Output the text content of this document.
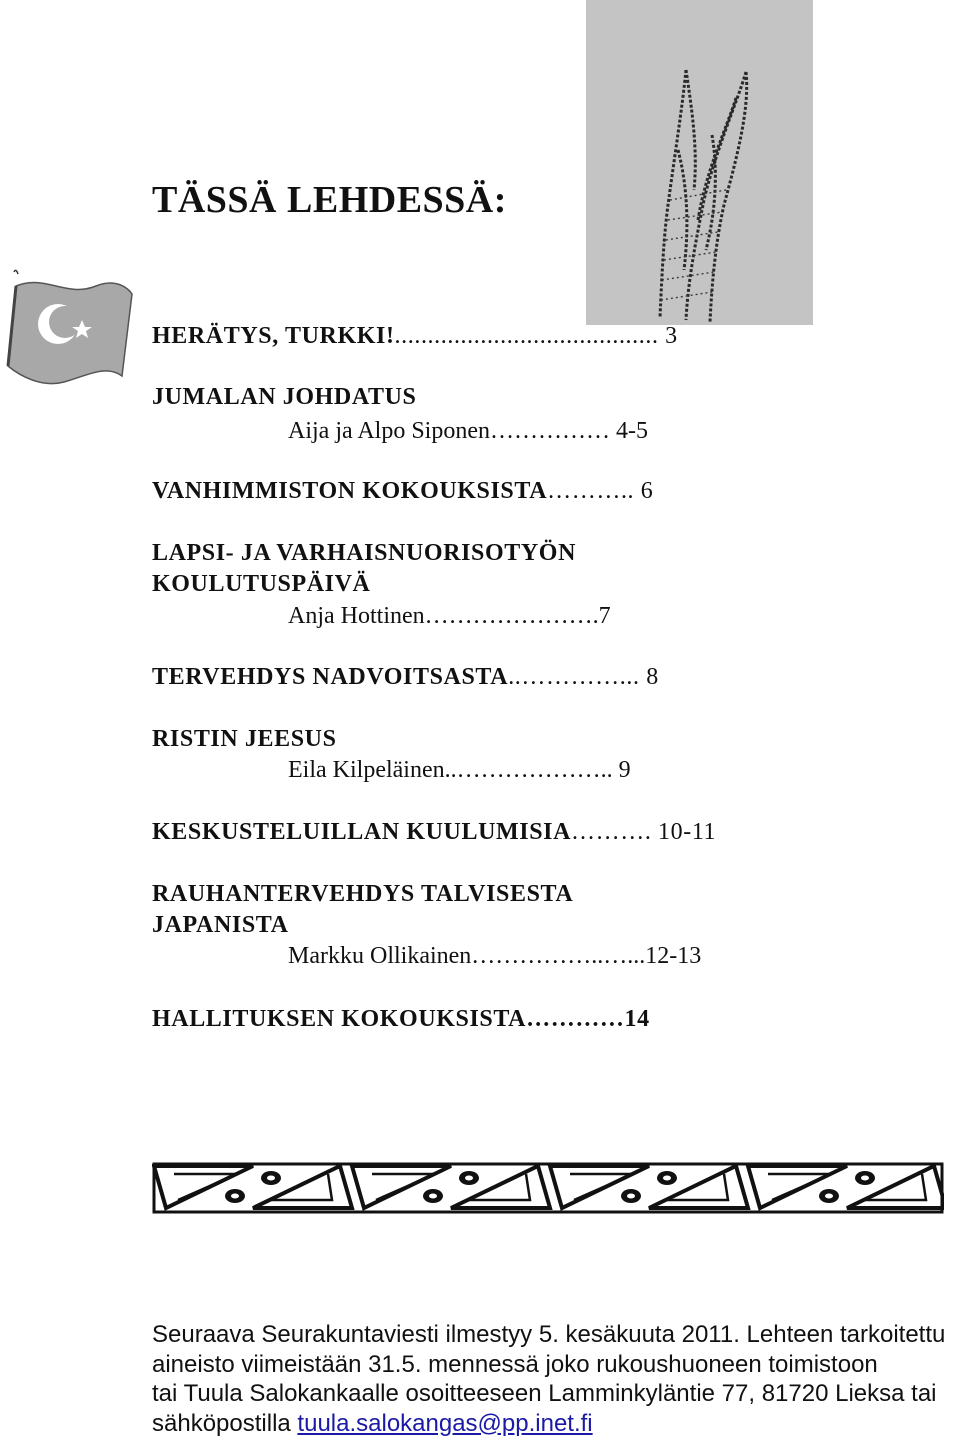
TÄSSÄ LEHDESSÄ:
HERÄTYS, TURKKI!........................................ 3
JUMALAN JOHDATUS
Aija ja Alpo Siponen…………… 4-5
VANHIMMISTON KOKOUKSISTA……….. 6
LAPSI- JA VARHAISNUORISOTYÖN
KOULUTUSPÄIVÄ
Anja Hottinen………………….7
TERVEHDYS NADVOITSASTA..…………... 8
RISTIN JEESUS
Eila Kilpeläinen..……………….. 9
KESKUSTELUILLAN KUULUMISIA………. 10-11
RAUHANTERVEHDYS TALVISESTA
JAPANISTA
Markku Ollikainen……………..…...12-13
HALLITUKSEN KOKOUKSISTA…………14
Seuraava Seurakuntaviesti ilmestyy 5. kesäkuuta 2011. Lehteen tarkoitettu
aineisto viimeistään 31.5. mennessä joko rukoushuoneen toimistoon
tai Tuula Salokankaalle osoitteeseen Lamminkyläntie 77, 81720 Lieksa tai
sähköpostilla tuula.salokangas@pp.inet.fi
